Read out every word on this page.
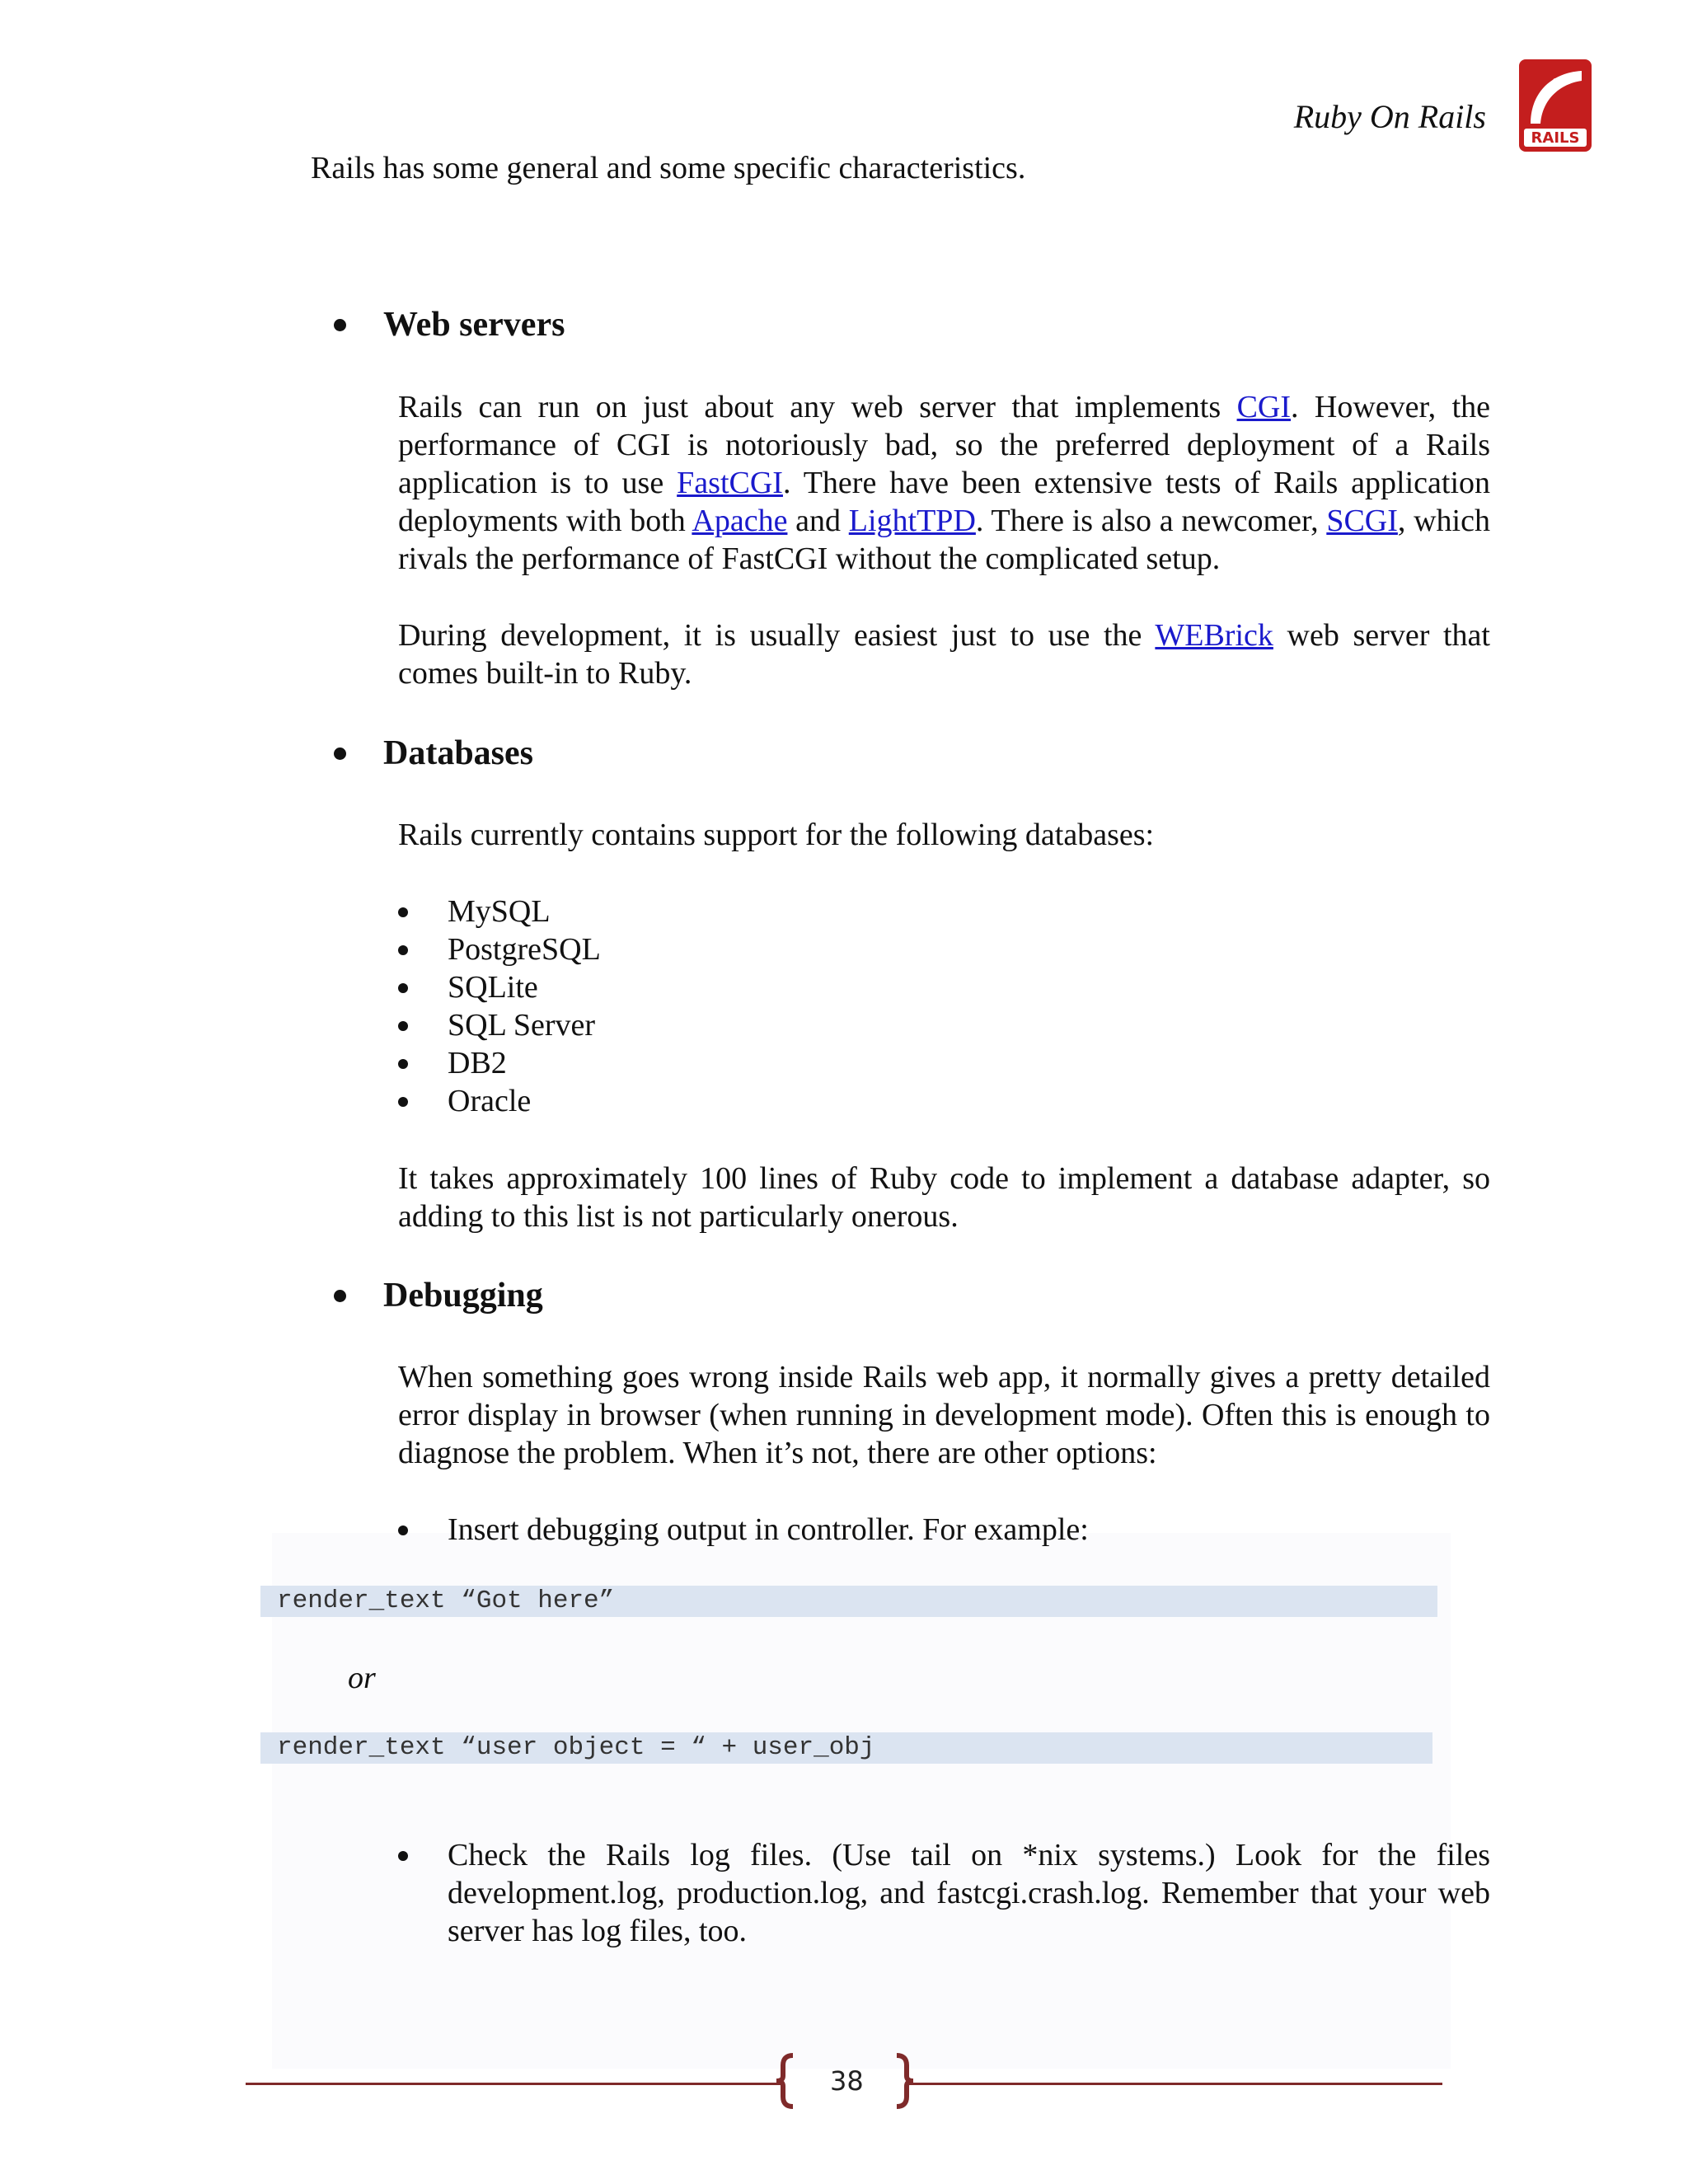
Ruby On Rails
RAILS
Rails has some general and some specific characteristics.
Web servers
Rails can run on just about any web server that implements CGI. However, the performance of CGI is notoriously bad, so the preferred deployment of a Rails application is to use FastCGI. There have been extensive tests of Rails application deployments with both Apache and LightTPD. There is also a newcomer, SCGI, which rivals the performance of FastCGI without the complicated setup.
During development, it is usually easiest just to use the WEBrick web server that comes built-in to Ruby.
Databases
Rails currently contains support for the following databases:
MySQL
PostgreSQL
SQLite
SQL Server
DB2
Oracle
It takes approximately 100 lines of Ruby code to implement a database adapter, so adding to this list is not particularly onerous.
Debugging
When something goes wrong inside Rails web app, it normally gives a pretty detailed error display in browser (when running in development mode). Often this is enough to diagnose the problem. When it’s not, there are other options:
Insert debugging output in controller. For example:
render_text “Got here”
or
render_text “user object = “ + user_obj
Check the Rails log files. (Use tail on *nix systems.) Look for the files development.log, production.log, and fastcgi.crash.log. Remember that your web server has log files, too.
38
